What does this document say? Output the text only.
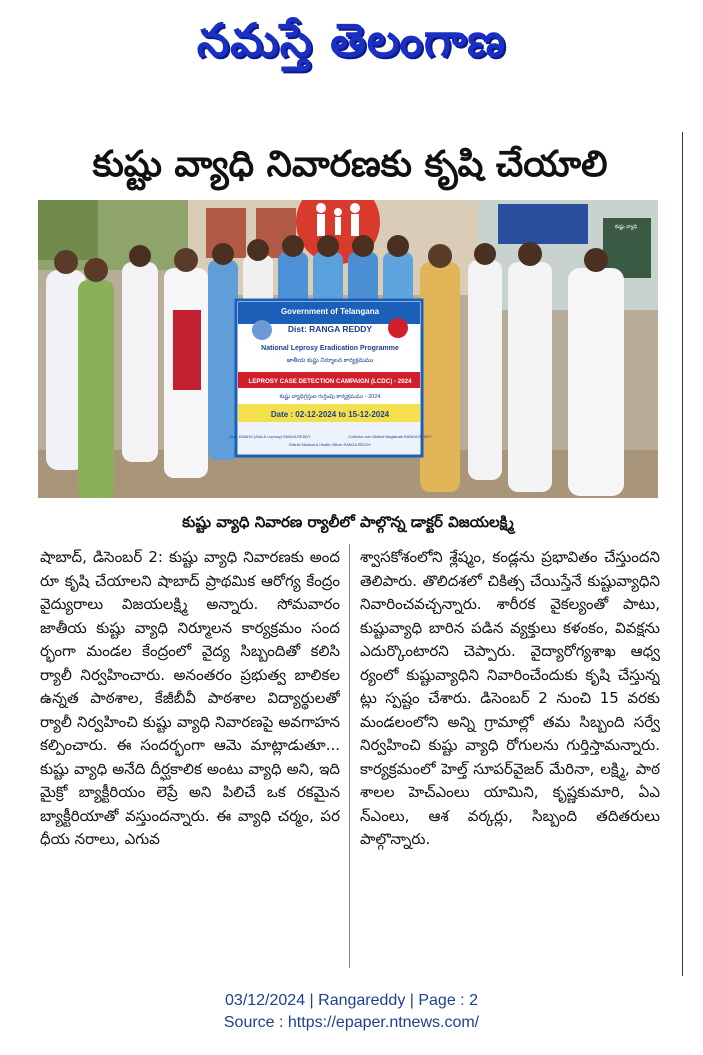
నమస్తే తెలంగాణ
కుష్టు వ్యాధి నివారణకు కృషి చేయాలి
Government of Telangana
Dist: RANGA REDDY
National Leprosy Eradication Programme
జాతీయ కుష్టు నిర్మూలన కార్యక్రమము
LEPROSY CASE DETECTION CAMPAIGN (LCDC) - 2024
కుష్టు వ్యాధిగ్రస్తుల గుర్తింపు కార్యక్రమము - 2024
Date : 02-12-2024 to 15-12-2024
Asst. DM&HO (Aids & Leprosy) RANGA REDDY
District Medical & Health Officer RANGA REDDY
Collector cum District Magistrate RANGA REDDY
కుష్టు వ్యాధి
కుష్టు వ్యాధి నివారణ ర్యాలీలో పాల్గొన్న డాక్టర్ విజయలక్ష్మి

షాబాద్, డిసెంబర్ 2: కుష్టు వ్యాధి నివారణకు అందరూ కృషి చేయాలని షాబాద్ ప్రాథమిక ఆరోగ్య కేంద్రం వైద్యురాలు విజయలక్ష్మి అన్నారు. సోమవారం జాతీయ కుష్టు వ్యాధి నిర్మూలన కార్యక్రమం సందర్భంగా మండల కేంద్రంలో వైద్య సిబ్బందితో కలిసి ర్యాలీ నిర్వహించారు. అనంతరం ప్రభుత్వ బాలికల ఉన్నత పాఠశాల, కేజీబీవీ పాఠశాల విద్యార్థులతో ర్యాలీ నిర్వహించి కుష్టు వ్యాధి నివారణపై అవగాహన కల్పించారు. ఈ సందర్భంగా ఆమె మాట్లాడుతూ... కుష్టు వ్యాధి అనేది దీర్ఘకాలిక అంటు వ్యాధి అని, ఇది మైక్రో బ్యాక్టీరియం లెప్రే అని పిలిచే ఒక రకమైన బ్యాక్టీరియాతో వస్తుందన్నారు. ఈ వ్యాధి చర్మం, పరధీయ నరాలు, ఎగువ

శ్వాసకోశంలోని శ్లేష్మం, కండ్లను ప్రభావితం చేస్తుందని తెలిపారు. తొలిదశలో చికిత్స చేయిస్తేనే కుష్టువ్యాధిని నివారించవచ్చన్నారు. శారీరక వైకల్యంతో పాటు, కుష్టువ్యాధి బారిన పడిన వ్యక్తులు కళంకం, వివక్షను ఎదుర్కొంటారని చెప్పారు. వైద్యారోగ్యశాఖ ఆధ్వర్యంలో కుష్టువ్యాధిని నివారించేందుకు కృషి చేస్తున్నట్లు స్పష్టం చేశారు. డిసెంబర్ 2 నుంచి 15 వరకు మండలంలోని అన్ని గ్రామాల్లో తమ సిబ్బంది సర్వే నిర్వహించి కుష్టు వ్యాధి రోగులను గుర్తిస్తామన్నారు. కార్యక్రమంలో హెల్త్ సూపర్‌వైజర్ మేరినా, లక్ష్మి, పాఠశాలల హెచ్‌ఎంలు యామిని, కృష్ణకుమారి, ఏఎన్‌ఎంలు, ఆశ వర్కర్లు, సిబ్బంది తదితరులు పాల్గొన్నారు.

03/12/2024 | Rangareddy | Page : 2
Source : https://epaper.ntnews.com/
